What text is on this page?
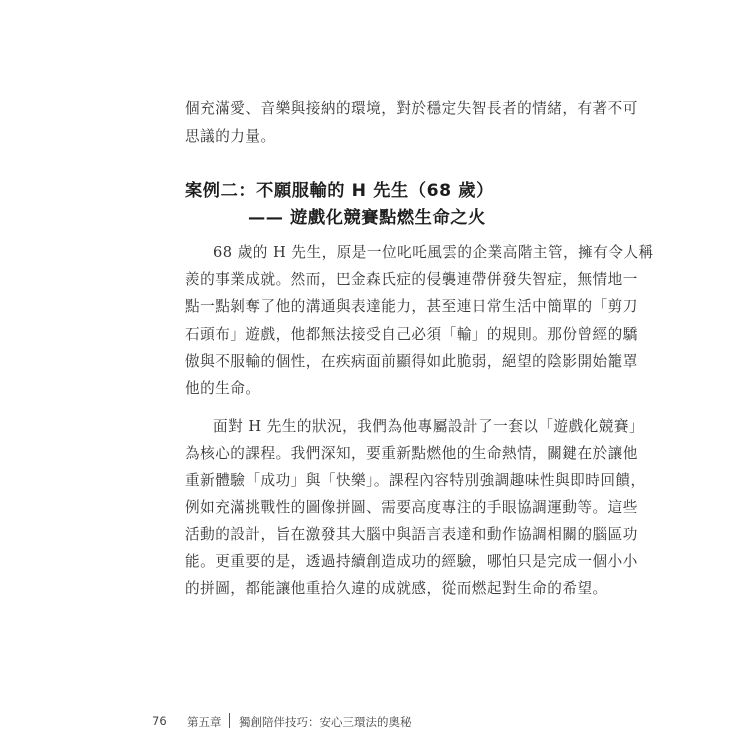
個充滿愛、音樂與接納的環境，對於穩定失智長者的情緒，有著不可
思議的力量。
案例二：不願服輸的 H 先生（68 歲）
—— 遊戲化競賽點燃生命之火
68 歲的 H 先生，原是一位叱吒風雲的企業高階主管，擁有令人稱
羨的事業成就。然而，巴金森氏症的侵襲連帶併發失智症，無情地一
點一點剝奪了他的溝通與表達能力，甚至連日常生活中簡單的「剪刀
石頭布」遊戲，他都無法接受自己必須「輸」的規則。那份曾經的驕
傲與不服輸的個性，在疾病面前顯得如此脆弱，絕望的陰影開始籠罩
他的生命。
面對 H 先生的狀況，我們為他專屬設計了一套以「遊戲化競賽」
為核心的課程。我們深知，要重新點燃他的生命熱情，關鍵在於讓他
重新體驗「成功」與「快樂」。課程內容特別強調趣味性與即時回饋，
例如充滿挑戰性的圖像拼圖、需要高度專注的手眼協調運動等。這些
活動的設計，旨在激發其大腦中與語言表達和動作協調相關的腦區功
能。更重要的是，透過持續創造成功的經驗，哪怕只是完成一個小小
的拼圖，都能讓他重拾久違的成就感，從而燃起對生命的希望。
76 第五章 獨創陪伴技巧：安心三環法的奧秘
